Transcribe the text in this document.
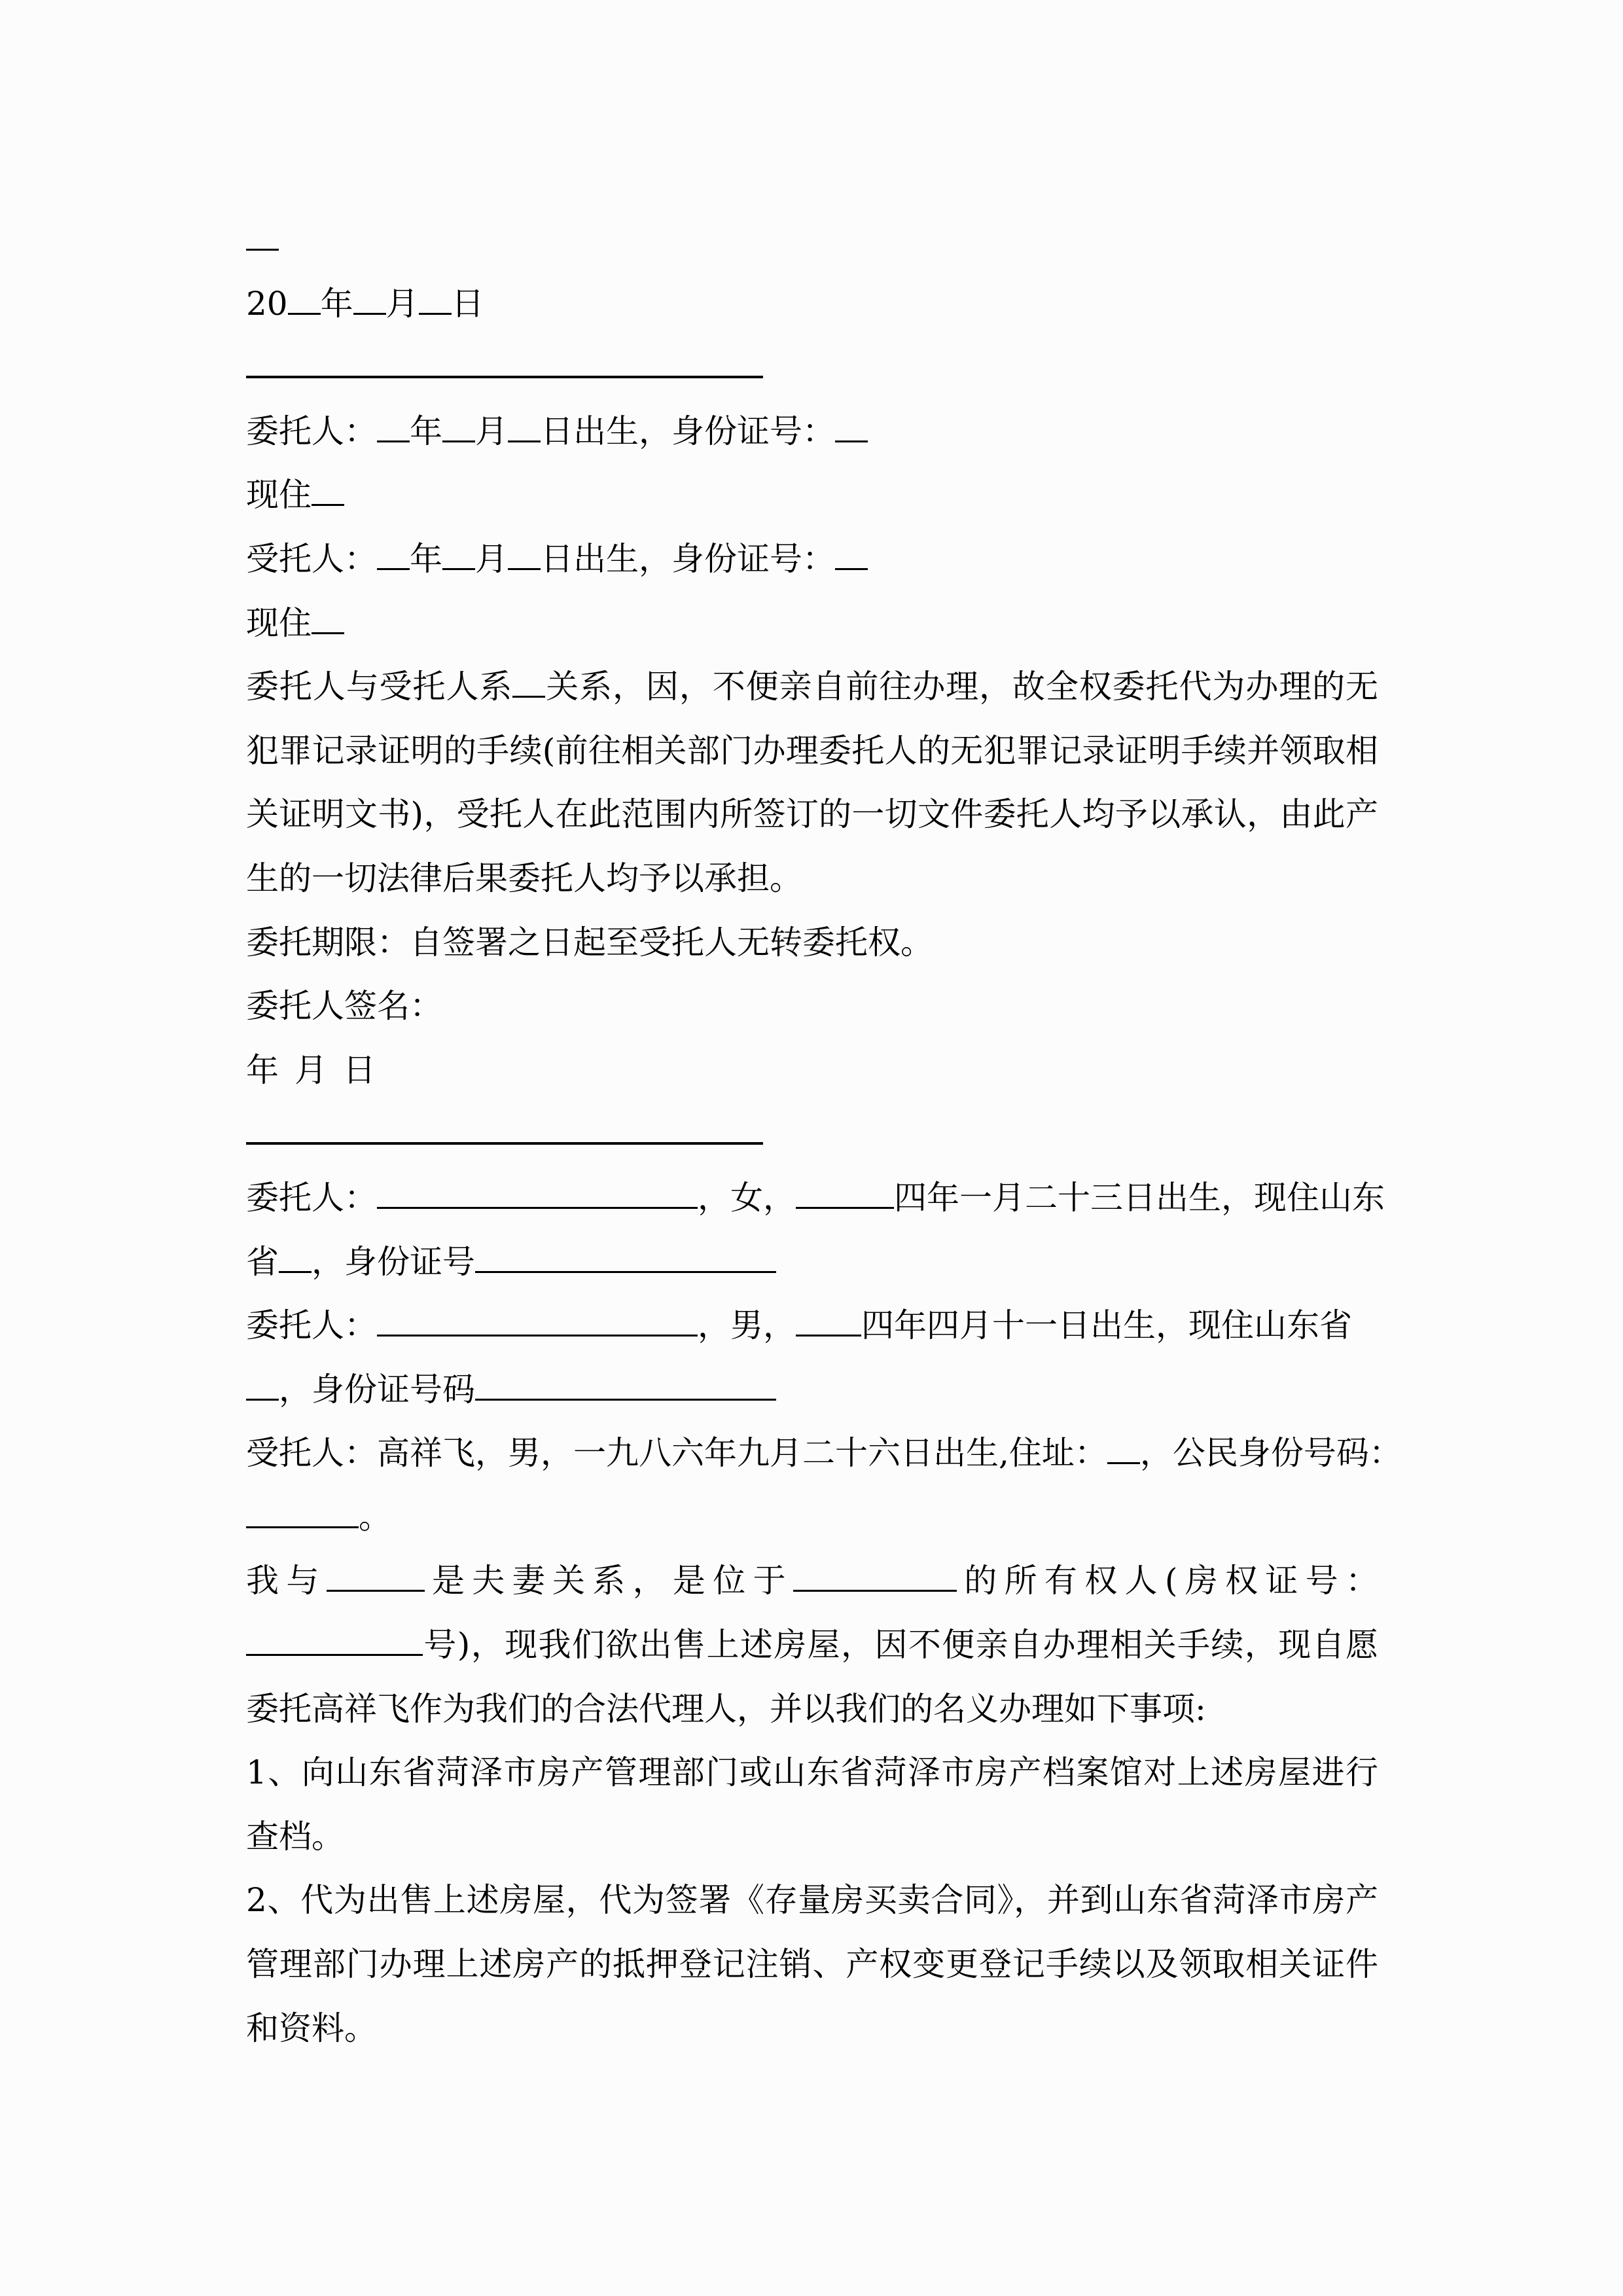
20 年 月 日
委托人： 年 月 日出生，身份证号：
现住
受托人： 年 月 日出生，身份证号：
现住
委托人与受托人系 关系，因，不便亲自前往办理，故全权委托代为办理的无犯罪记录证明的手续(前往相关部门办理委托人的无犯罪记录证明手续并领取相关证明文书)，受托人在此范围内所签订的一切文件委托人均予以承认，由此产生的一切法律后果委托人均予以承担。
委托期限：自签署之日起至受托人无转委托权。
委托人签名：
年 月 日
委托人：	，女，	四年一月二十三日出生，现住山东
省 ，身份证号
委托人：	，男， 四年四月十一日出生，现住山东省
，身份证号码
受托人：高祥飞，男，一九八六年九月二十六日出生,住址： ，公民身份号码：
。
我与	是夫妻关系，是位于	的所有权人(房权证号：号)，现我们欲出售上述房屋，因不便亲自办理相关手续，现自愿委托高祥飞作为我们的合法代理人，并以我们的名义办理如下事项:
1、向山东省菏泽市房产管理部门或山东省菏泽市房产档案馆对上述房屋进行查档。
2、代为出售上述房屋，代为签署《存量房买卖合同》，并到山东省菏泽市房产管理部门办理上述房产的抵押登记注销、产权变更登记手续以及领取相关证件和资料。
